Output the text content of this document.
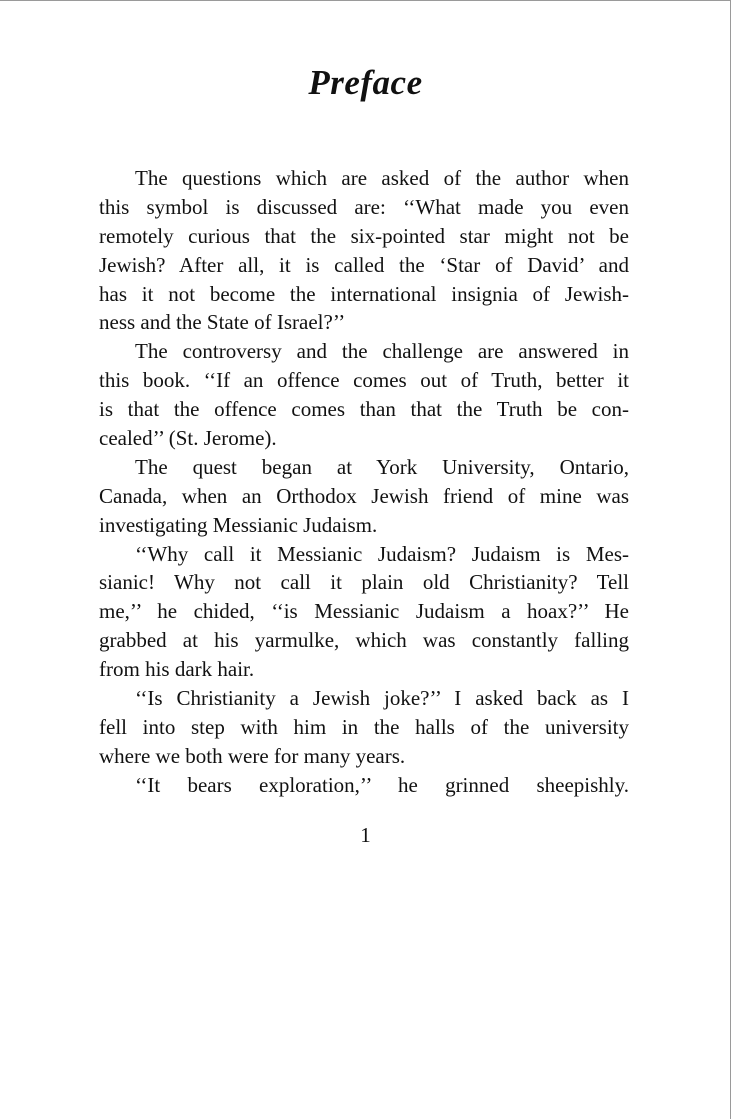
Preface
The questions which are asked of the author when
this symbol is discussed are: ‘‘What made you even
remotely curious that the six-pointed star might not be
Jewish? After all, it is called the ‘Star of David’ and
has it not become the international insignia of Jewish-
ness and the State of Israel?’’
The controversy and the challenge are answered in
this book. ‘‘If an offence comes out of Truth, better it
is that the offence comes than that the Truth be con-
cealed’’ (St. Jerome).
The quest began at York University, Ontario,
Canada, when an Orthodox Jewish friend of mine was
investigating Messianic Judaism.
‘‘Why call it Messianic Judaism? Judaism is Mes-
sianic! Why not call it plain old Christianity? Tell
me,’’ he chided, ‘‘is Messianic Judaism a hoax?’’ He
grabbed at his yarmulke, which was constantly falling
from his dark hair.
‘‘Is Christianity a Jewish joke?’’ I asked back as I
fell into step with him in the halls of the university
where we both were for many years.
‘‘It bears exploration,’’ he grinned sheepishly.
1
